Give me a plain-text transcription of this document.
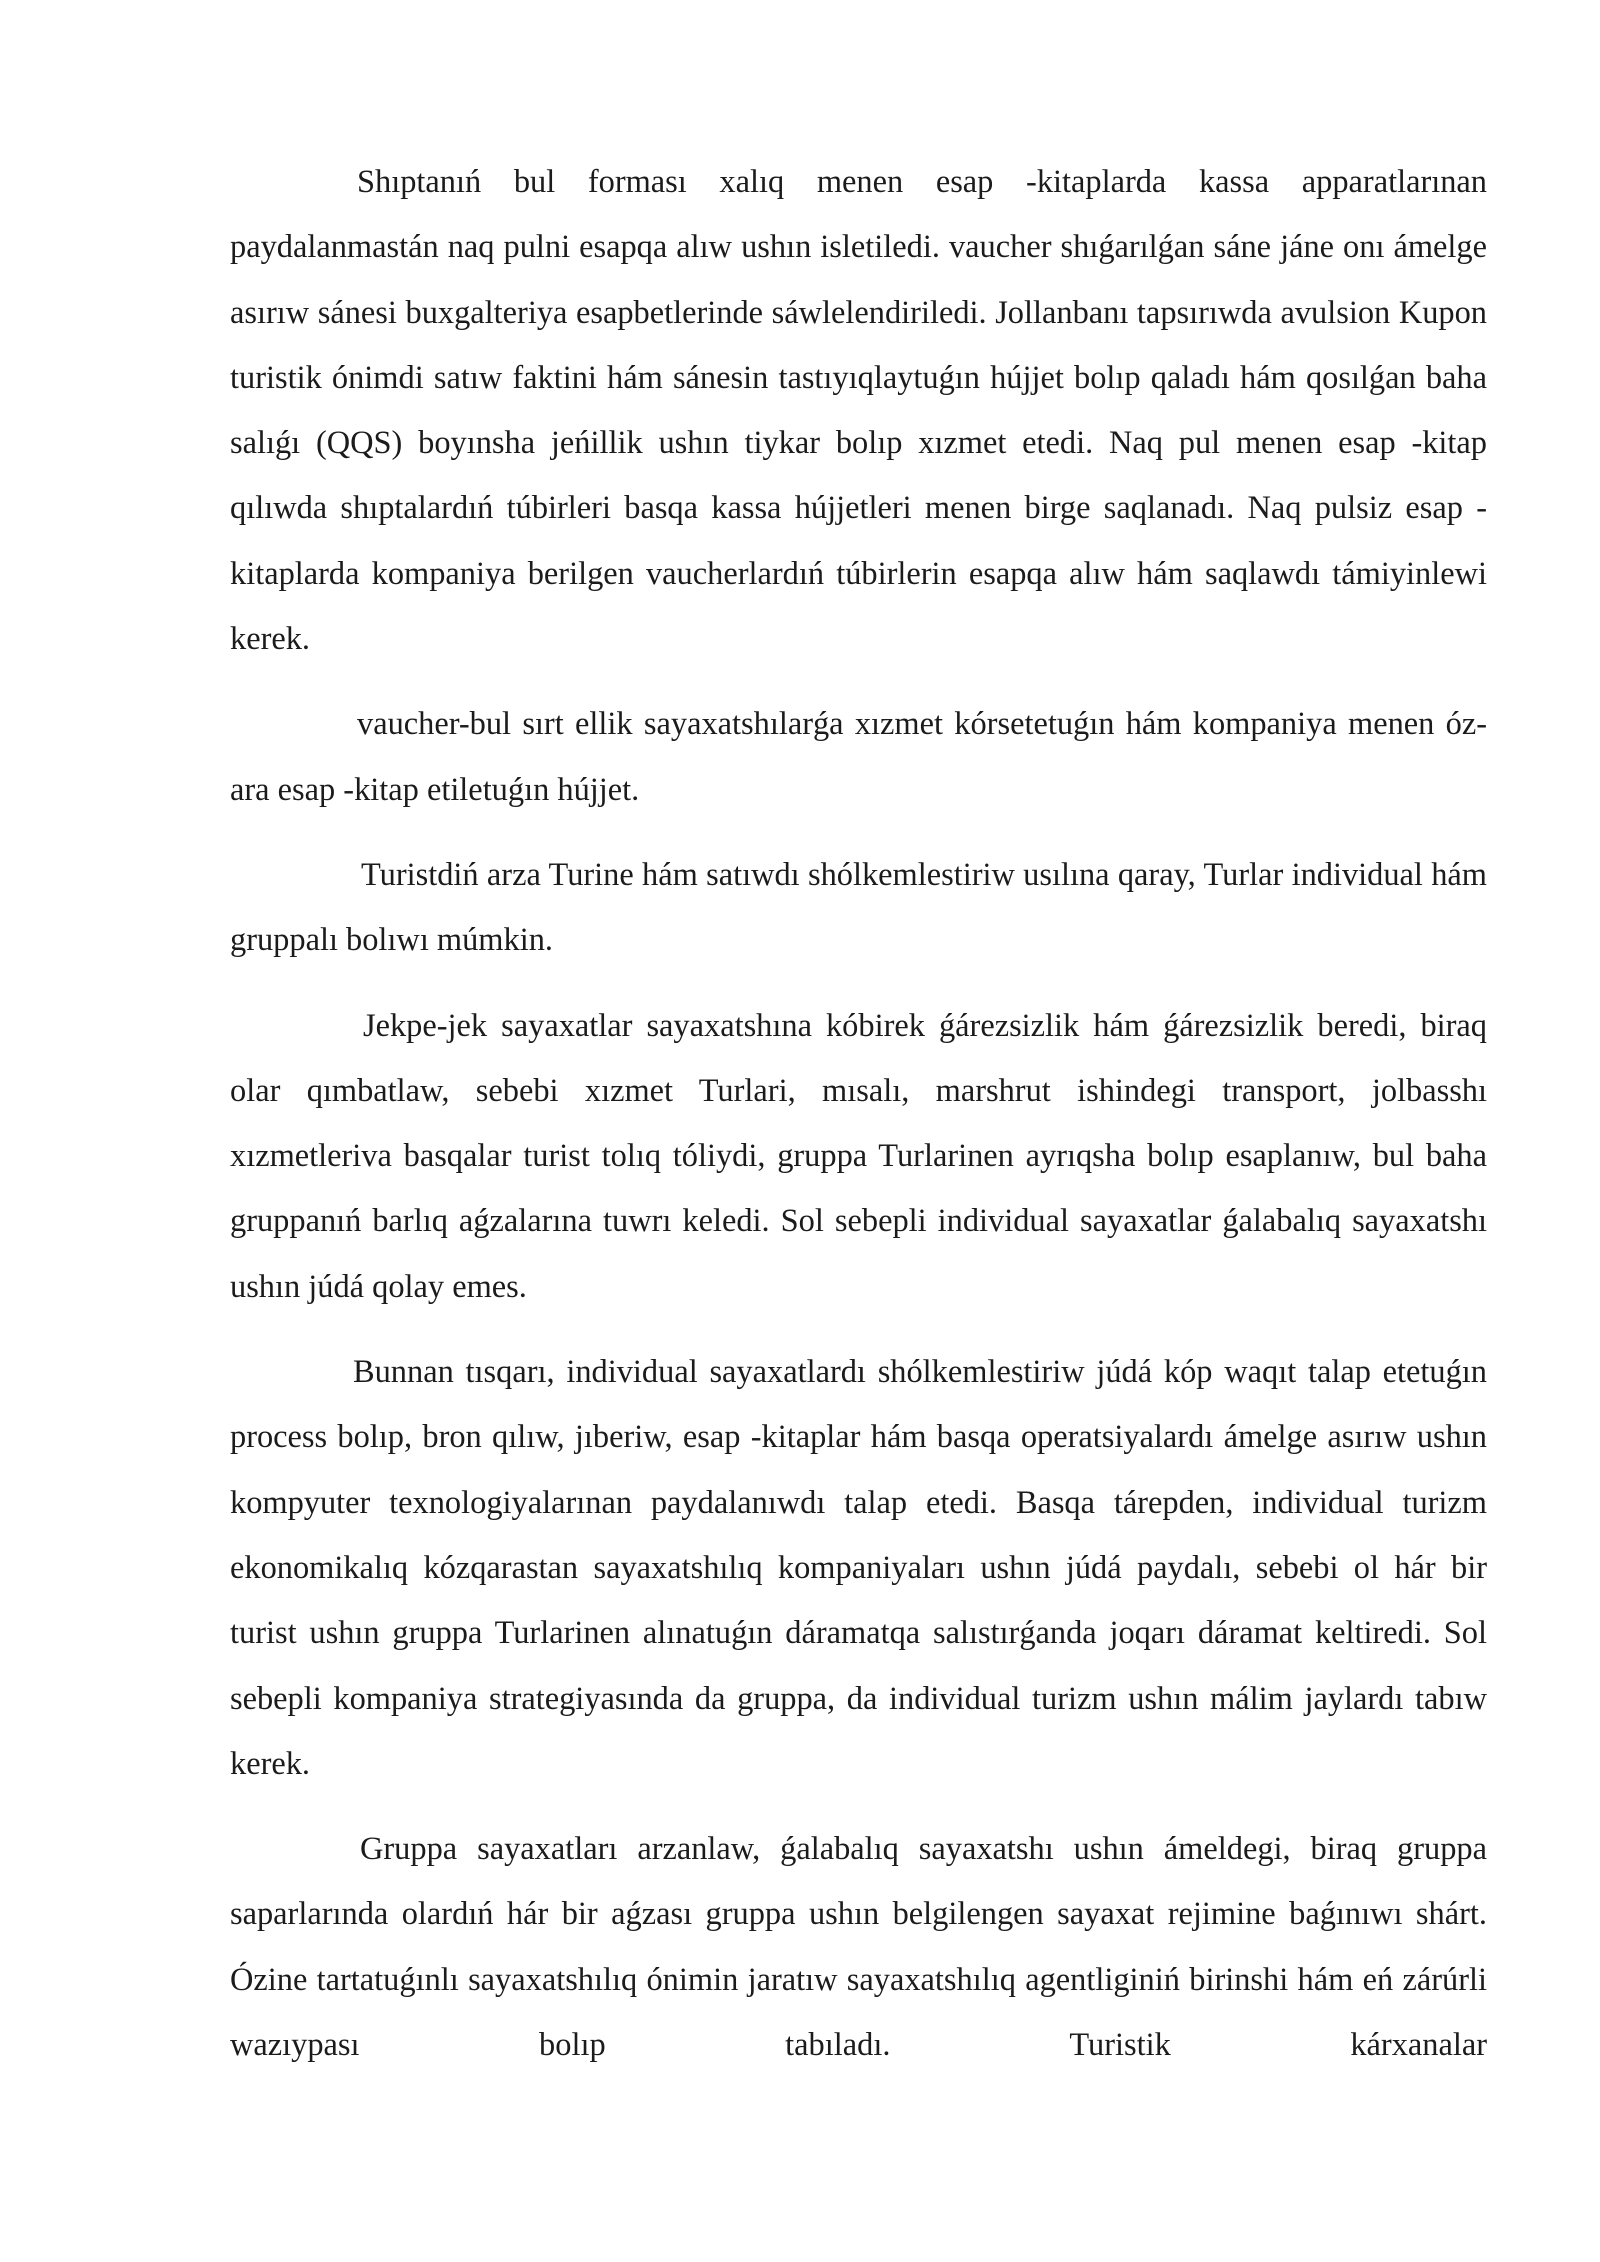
Shıptanıń bul forması xalıq menen esap -kitaplarda kassa apparatlarınan paydalanmastán naq pulni esapqa alıw ushın isletiledi. vaucher shıǵarılǵan sáne jáne onı ámelge asırıw sánesi buxgalteriya esapbetlerinde sáwlelendiriledi. Jollanbanı tapsırıwda avulsion Kupon turistik ónimdi satıw faktini hám sánesin tastıyıqlaytuǵın hújjet bolıp qaladı hám qosılǵan baha salıǵı (QQS) boyınsha jeńillik ushın tiykar bolıp xızmet etedi. Naq pul menen esap -kitap qılıwda shıptalardıń túbirleri basqa kassa hújjetleri menen birge saqlanadı. Naq pulsiz esap -kitaplarda kompaniya berilgen vaucherlardıń túbirlerin esapqa alıw hám saqlawdı támiyinlewi kerek.

vaucher-bul sırt ellik sayaxatshılarǵa xızmet kórsetetuǵın hám kompaniya menen óz-ara esap -kitap etiletuǵın hújjet.

Turistdiń arza Turine hám satıwdı shólkemlestiriw usılına qaray, Turlar individual hám gruppalı bolıwı múmkin.

Jekpe-jek sayaxatlar sayaxatshına kóbirek ǵárezsizlik hám ǵárezsizlik beredi, biraq olar qımbatlaw, sebebi xızmet Turlari, mısalı, marshrut ishindegi transport, jolbasshı xızmetleriva basqalar turist tolıq tóliydi, gruppa Turlarinen ayrıqsha bolıp esaplanıw, bul baha gruppanıń barlıq aǵzalarına tuwrı keledi. Sol sebepli individual sayaxatlar ǵalabalıq sayaxatshı ushın júdá qolay emes.

Bunnan tısqarı, individual sayaxatlardı shólkemlestiriw júdá kóp waqıt talap etetuǵın process bolıp, bron qılıw, jıberiw, esap -kitaplar hám basqa operatsiyalardı ámelge asırıw ushın kompyuter texnologiyalarınan paydalanıwdı talap etedi. Basqa tárepden, individual turizm ekonomikalıq kózqarastan sayaxatshılıq kompaniyaları ushın júdá paydalı, sebebi ol hár bir turist ushın gruppa Turlarinen alınatuǵın dáramatqa salıstırǵanda joqarı dáramat keltiredi. Sol sebepli kompaniya strategiyasında da gruppa, da individual turizm ushın málim jaylardı tabıw kerek.

Gruppa sayaxatları arzanlaw, ǵalabalıq sayaxatshı ushın ámeldegi, biraq gruppa saparlarında olardıń hár bir aǵzası gruppa ushın belgilengen sayaxat rejimine baǵınıwı shárt. Ózine tartatuǵınlı sayaxatshılıq ónimin jaratıw sayaxatshılıq agentliginiń birinshi hám eń zárúrli wazıypası bolıp tabıladı. Turistik kárxanalar
